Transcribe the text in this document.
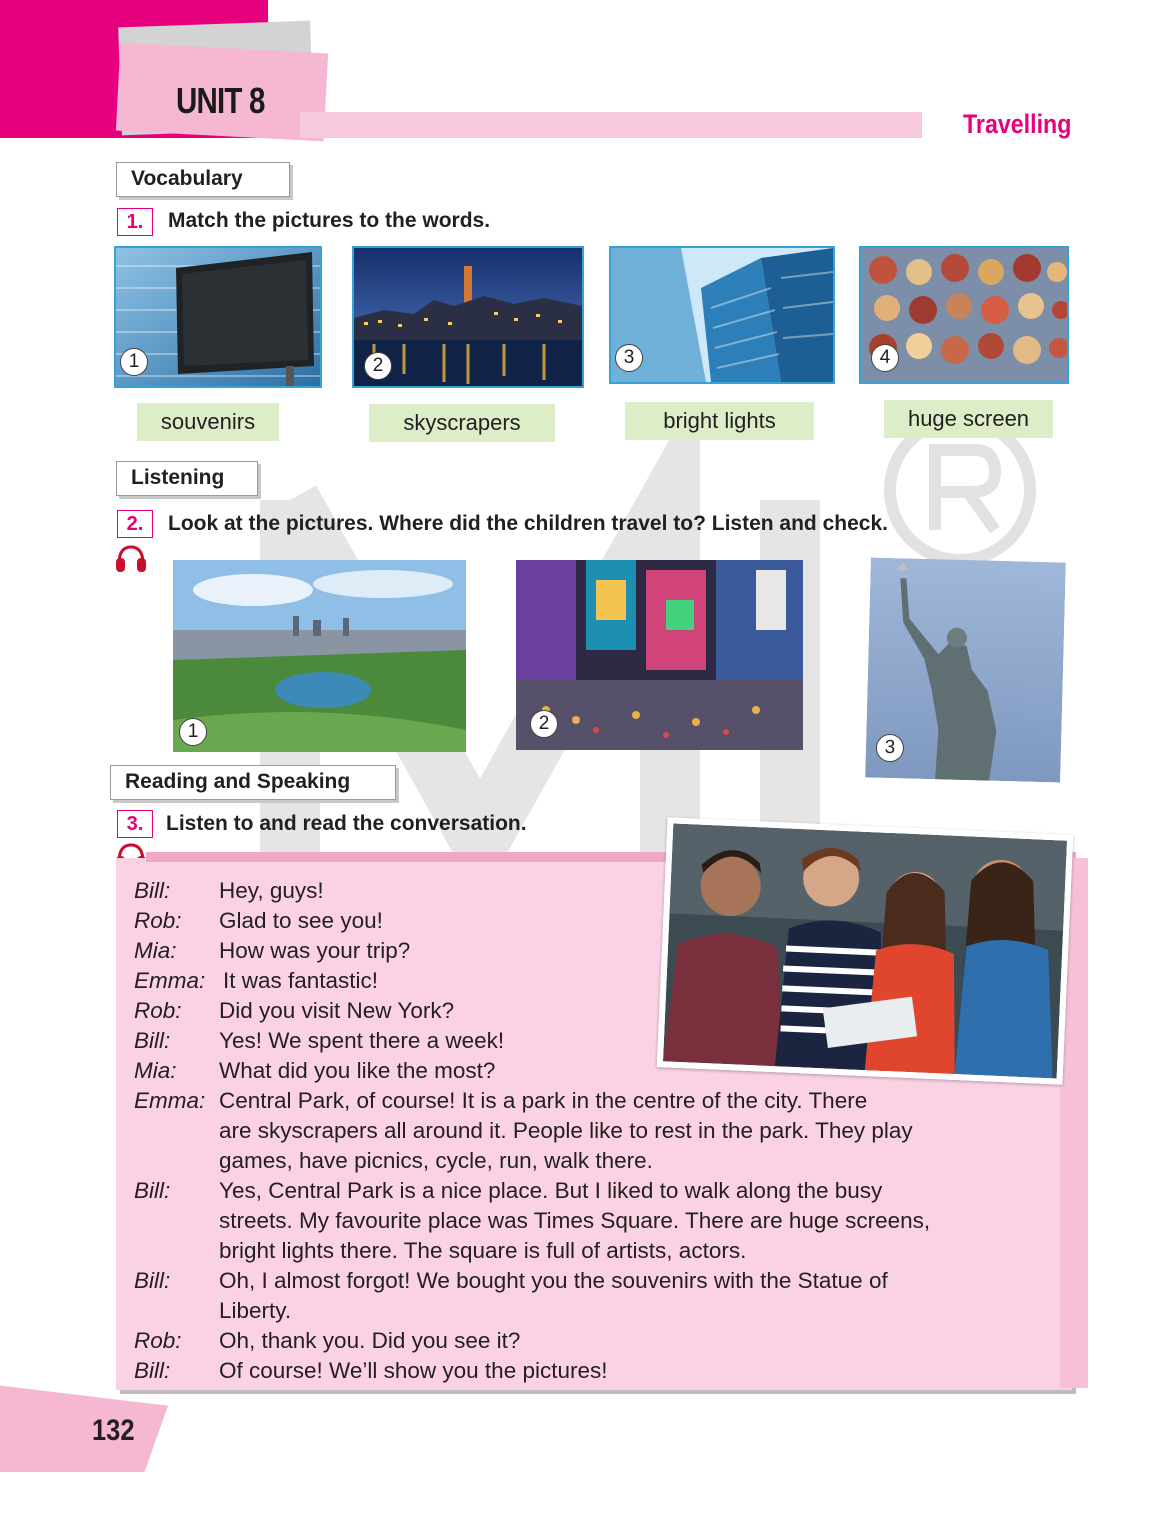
UNIT 8
Travelling
Vocabulary
1.	Match the pictures to the words.
1	2	3	4
souvenirs	skyscrapers	bright lights	huge screen
Listening
2.	Look at the pictures. Where did the children travel to? Listen and check.
1	2
3
Reading and Speaking
3.	Listen to and read the conversation.
Bill: Hey, guys!
Rob: Glad to see you!
Mia: How was your trip?
Emma: It was fantastic!
Rob: Did you visit New York?
Bill: Yes! We spent there a week!
Mia: What did you like the most?
Emma: Central Park, of course! It is a park in the centre of the city. There
are skyscrapers all around it. People like to rest in the park. They play
games, have picnics, cycle, run, walk there.
Bill: Yes, Central Park is a nice place. But I liked to walk along the busy
streets. My favourite place was Times Square. There are huge screens,
bright lights there. The square is full of artists, actors.
Bill: Oh, I almost forgot! We bought you the souvenirs with the Statue of
Liberty.
Rob: Oh, thank you. Did you see it?
Bill: Of course! We’ll show you the pictures!
132
